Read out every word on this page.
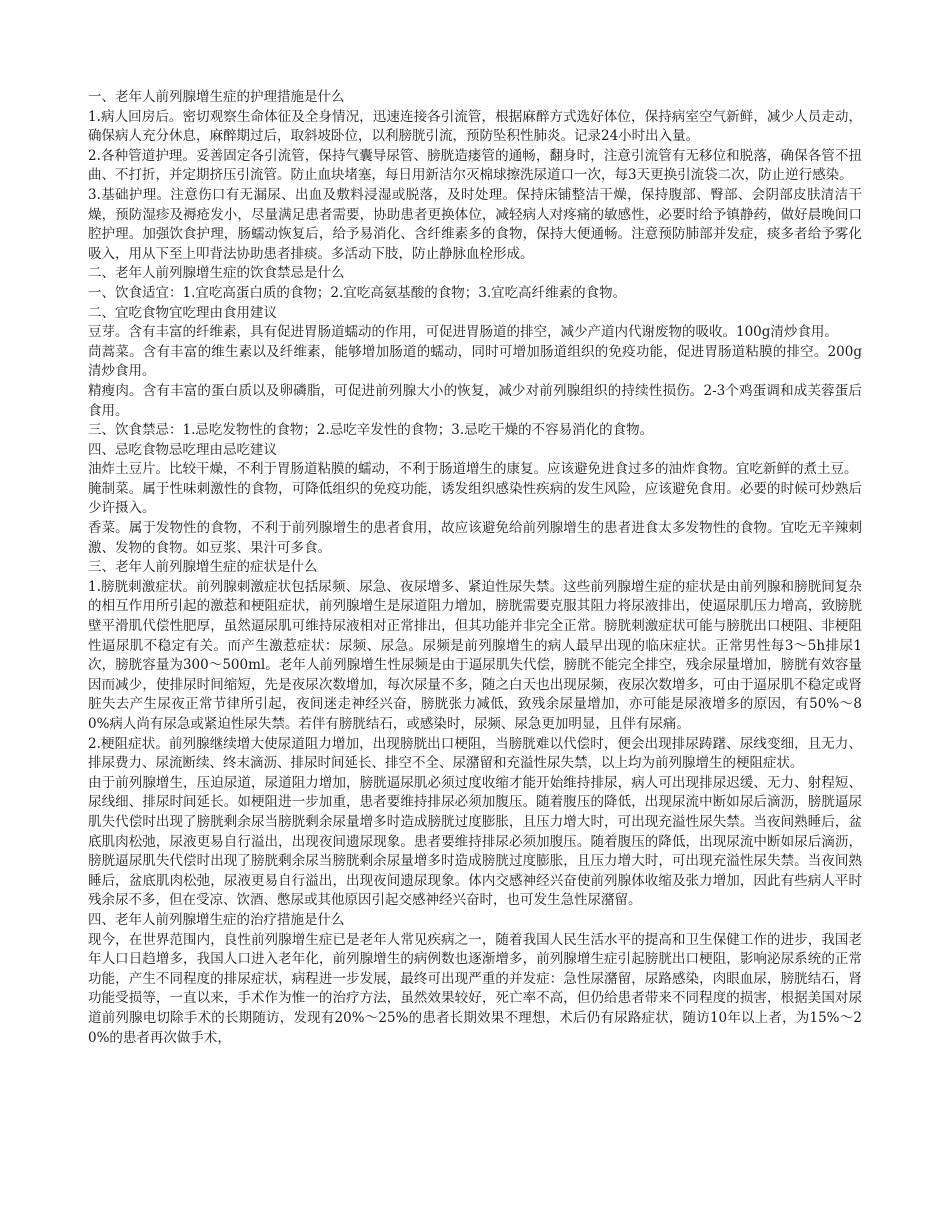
一、老年人前列腺增生症的护理措施是什么

1.病人回房后。密切观察生命体征及全身情况，迅速连接各引流管，根据麻醉方式选好体位，保持病室空气新鲜，减少人员走动，确保病人充分休息，麻醉期过后，取斜坡卧位，以利膀胱引流，预防坠积性肺炎。记录24小时出入量。

2.各种管道护理。妥善固定各引流管，保持气囊导尿管、膀胱造瘘管的通畅，翻身时，注意引流管有无移位和脱落，确保各管不扭曲、不打折，并定期挤压引流管。防止血块堵塞，每日用新洁尔灭棉球擦洗尿道口一次，每3天更换引流袋二次，防止逆行感染。

3.基础护理。注意伤口有无漏尿、出血及敷料浸湿或脱落，及时处理。保持床铺整洁干燥，保持腹部、臀部、会阴部皮肤清洁干燥，预防湿疹及褥疮发小，尽量满足患者需要，协助患者更换体位，减轻病人对疼痛的敏感性，必要时给予镇静药，做好晨晚间口腔护理。加强饮食护理，肠蠕动恢复后，给予易消化、含纤维素多的食物，保持大便通畅。注意预防肺部并发症，痰多者给予雾化吸入，用从下至上叩背法协助患者排痰。多活动下肢，防止静脉血栓形成。

二、老年人前列腺增生症的饮食禁忌是什么

一、饮食适宜：1.宜吃高蛋白质的食物；2.宜吃高氨基酸的食物；3.宜吃高纤维素的食物。

二、宜吃食物宜吃理由食用建议

豆芽。含有丰富的纤维素，具有促进胃肠道蠕动的作用，可促进胃肠道的排空，减少产道内代谢废物的吸收。100g清炒食用。

茼蒿菜。含有丰富的维生素以及纤维素，能够增加肠道的蠕动，同时可增加肠道组织的免疫功能，促进胃肠道粘膜的排空。200g清炒食用。

精瘦肉。含有丰富的蛋白质以及卵磷脂，可促进前列腺大小的恢复，减少对前列腺组织的持续性损伤。2-3个鸡蛋调和成芙蓉蛋后食用。

三、饮食禁忌：1.忌吃发物性的食物；2.忌吃辛发性的食物；3.忌吃干燥的不容易消化的食物。

四、忌吃食物忌吃理由忌吃建议

油炸土豆片。比较干燥，不利于胃肠道粘膜的蠕动，不利于肠道增生的康复。应该避免进食过多的油炸食物。宜吃新鲜的煮土豆。

腌制菜。属于性味刺激性的食物，可降低组织的免疫功能，诱发组织感染性疾病的发生风险，应该避免食用。必要的时候可炒熟后少许摄入。

香菜。属于发物性的食物，不利于前列腺增生的患者食用，故应该避免给前列腺增生的患者进食太多发物性的食物。宜吃无辛辣刺激、发物的食物。如豆浆、果汁可多食。

三、老年人前列腺增生症的症状是什么

1.膀胱刺激症状。前列腺刺激症状包括尿频、尿急、夜尿增多、紧迫性尿失禁。这些前列腺增生症的症状是由前列腺和膀胱间复杂的相互作用所引起的激惹和梗阻症状，前列腺增生是尿道阻力增加，膀胱需要克服其阻力将尿液排出，使逼尿肌压力增高，致膀胱壁平滑肌代偿性肥厚，虽然逼尿肌可维持尿液相对正常排出，但其功能并非完全正常。膀胱刺激症状可能与膀胱出口梗阻、非梗阻性逼尿肌不稳定有关。而产生激惹症状：尿频、尿急。尿频是前列腺增生的病人最早出现的临床症状。正常男性每3～5h排尿1次，膀胱容量为300～500ml。老年人前列腺增生性尿频是由于逼尿肌失代偿，膀胱不能完全排空，残余尿量增加，膀胱有效容量因而减少，使排尿时间缩短，先是夜尿次数增加，每次尿量不多，随之白天也出现尿频，夜尿次数增多，可由于逼尿肌不稳定或肾脏失去产生尿夜正常节律所引起，夜间迷走神经兴奋，膀胱张力减低，致残余尿量增加，亦可能是尿液增多的原因，有50%～80%病人尚有尿急或紧迫性尿失禁。若伴有膀胱结石，或感染时，尿频、尿急更加明显，且伴有尿痛。

2.梗阻症状。前列腺继续增大使尿道阻力增加，出现膀胱出口梗阻，当膀胱难以代偿时，便会出现排尿踌躇、尿线变细，且无力、排尿费力、尿流断续、终末滴沥、排尿时间延长、排空不全、尿潴留和充溢性尿失禁，以上均为前列腺增生的梗阻症状。

由于前列腺增生，压迫尿道，尿道阻力增加，膀胱逼尿肌必须过度收缩才能开始维持排尿，病人可出现排尿迟缓、无力、射程短、尿线细、排尿时间延长。如梗阻进一步加重，患者要维持排尿必须加腹压。随着腹压的降低，出现尿流中断如尿后滴沥，膀胱逼尿肌失代偿时出现了膀胱剩余尿当膀胱剩余尿量增多时造成膀胱过度膨胀，且压力增大时，可出现充溢性尿失禁。当夜间熟睡后，盆底肌肉松弛，尿液更易自行溢出，出现夜间遗尿现象。患者要维持排尿必须加腹压。随着腹压的降低，出现尿流中断如尿后滴沥，膀胱逼尿肌失代偿时出现了膀胱剩余尿当膀胱剩余尿量增多时造成膀胱过度膨胀，且压力增大时，可出现充溢性尿失禁。当夜间熟睡后，盆底肌肉松弛，尿液更易自行溢出，出现夜间遗尿现象。体内交感神经兴奋使前列腺体收缩及张力增加，因此有些病人平时残余尿不多，但在受凉、饮酒、憋尿或其他原因引起交感神经兴奋时，也可发生急性尿潴留。

四、老年人前列腺增生症的治疗措施是什么

现今，在世界范围内，良性前列腺增生症已是老年人常见疾病之一，随着我国人民生活水平的提高和卫生保健工作的进步，我国老年人口日趋增多，我国人口进入老年化，前列腺增生的病例数也逐渐增多，前列腺增生症引起膀胱出口梗阻，影响泌尿系统的正常功能，产生不同程度的排尿症状，病程进一步发展，最终可出现严重的并发症：急性尿潴留，尿路感染，肉眼血尿，膀胱结石，肾功能受损等，一直以来，手术作为惟一的治疗方法，虽然效果较好，死亡率不高，但仍给患者带来不同程度的损害，根据美国对尿道前列腺电切除手术的长期随访，发现有20%～25%的患者长期效果不理想，术后仍有尿路症状，随访10年以上者，为15%～20%的患者再次做手术，
